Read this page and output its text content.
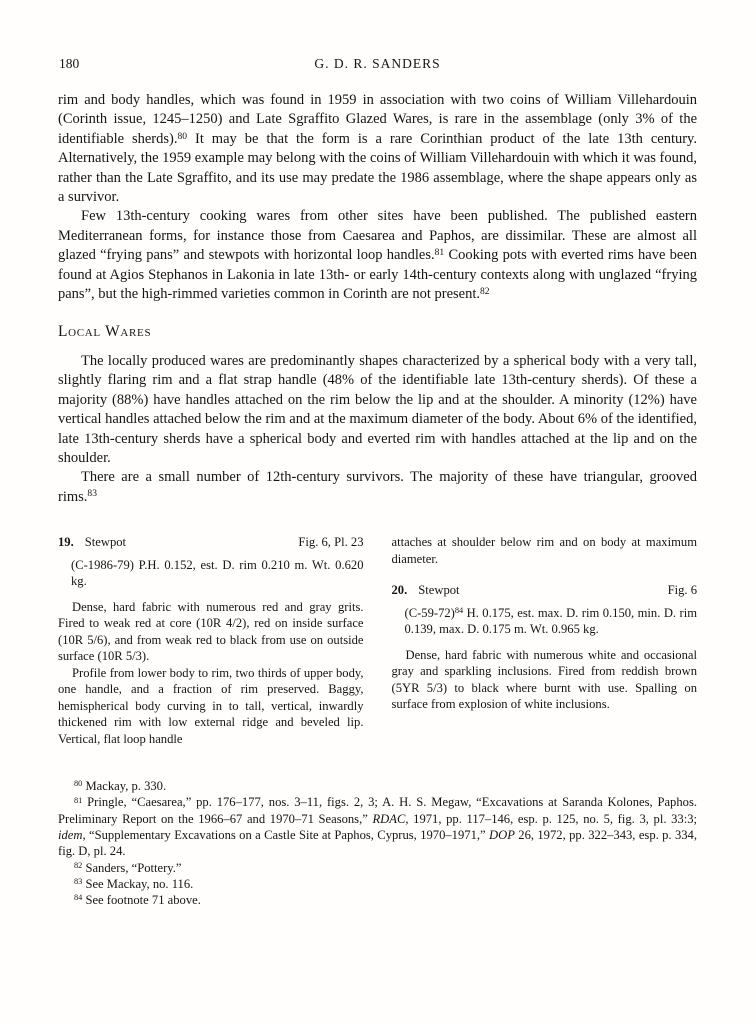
180	G. D. R. SANDERS

rim and body handles, which was found in 1959 in association with two coins of William Villehardouin (Corinth issue, 1245–1250) and Late Sgraffito Glazed Wares, is rare in the assemblage (only 3% of the identifiable sherds).$^{80}$ It may be that the form is a rare Corinthian product of the late 13th century. Alternatively, the 1959 example may belong with the coins of William Villehardouin with which it was found, rather than the Late Sgraffito, and its use may predate the 1986 assemblage, where the shape appears only as a survivor.

Few 13th-century cooking wares from other sites have been published. The published eastern Mediterranean forms, for instance those from Caesarea and Paphos, are dissimilar. These are almost all glazed “frying pans” and stewpots with horizontal loop handles.$^{81}$ Cooking pots with everted rims have been found at Agios Stephanos in Lakonia in late 13th- or early 14th-century contexts along with unglazed “frying pans”, but the high-rimmed varieties common in Corinth are not present.$^{82}$

Local Wares

The locally produced wares are predominantly shapes characterized by a spherical body with a very tall, slightly flaring rim and a flat strap handle (48% of the identifiable late 13th-century sherds). Of these a majority (88%) have handles attached on the rim below the lip and at the shoulder. A minority (12%) have vertical handles attached below the rim and at the maximum diameter of the body. About 6% of the identified, late 13th-century sherds have a spherical body and everted rim with handles attached at the lip and on the shoulder.

There are a small number of 12th-century survivors. The majority of these have triangular, grooved rims.$^{83}$

19. Stewpot	Fig. 6, Pl. 23

(C-1986-79) P.H. 0.152, est. D. rim 0.210 m. Wt. 0.620 kg.

Dense, hard fabric with numerous red and gray grits. Fired to weak red at core (10R 4/2), red on inside surface (10R 5/6), and from weak red to black from use on outside surface (10R 5/3).

Profile from lower body to rim, two thirds of upper body, one handle, and a fraction of rim preserved. Baggy, hemispherical body curving in to tall, vertical, inwardly thickened rim with low external ridge and beveled lip. Vertical, flat loop handle

attaches at shoulder below rim and on body at maximum diameter.

20. Stewpot	Fig. 6

$(C-59-72)^{84}$ H. 0.175, est. max. D. rim 0.150, min. D. rim 0.139, max. D. 0.175 m. Wt. 0.965 kg.

Dense, hard fabric with numerous white and occasional gray and sparkling inclusions. Fired from reddish brown (5YR 5/3) to black where burnt with use. Spalling on surface from explosion of white inclusions.

$^{80}$ Mackay, p. 330.

$^{81}$ Pringle, “Caesarea,” pp. 176–177, nos. 3–11, figs. 2, 3; A. H. S. Megaw, “Excavations at Saranda Kolones, Paphos. Preliminary Report on the 1966–67 and 1970–71 Seasons,” RDAC, 1971, pp. 117–146, esp. p. 125, no. 5, fig. 3, pl. 33:3; idem, “Supplementary Excavations on a Castle Site at Paphos, Cyprus, 1970–1971,” DOP 26, 1972, pp. 322–343, esp. p. 334, fig. D, pl. 24.

$^{82}$ Sanders, “Pottery.”

$^{83}$ See Mackay, no. 116.

$^{84}$ See footnote 71 above.
